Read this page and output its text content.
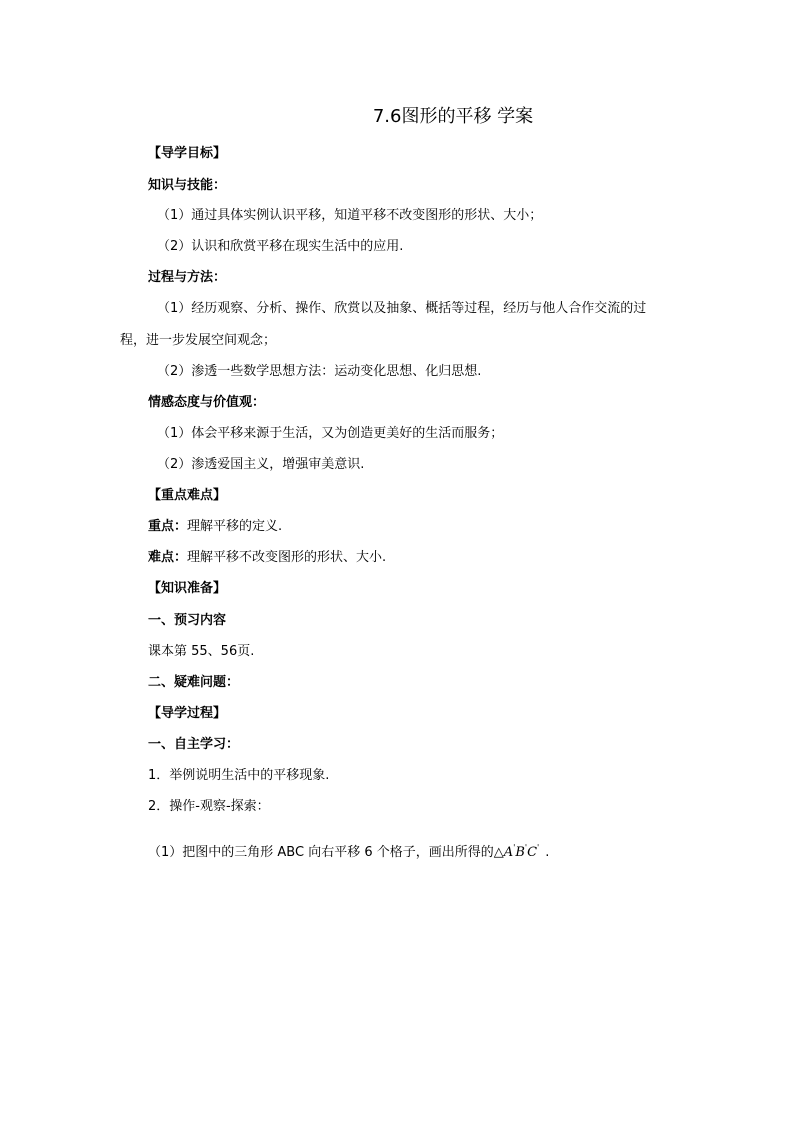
7.6图形的平移 学案
【导学目标】
知识与技能：
（1）通过具体实例认识平移，知道平移不改变图形的形状、大小；
（2）认识和欣赏平移在现实生活中的应用.
过程与方法：
（1）经历观察、分析、操作、欣赏以及抽象、概括等过程，经历与他人合作交流的过
程，进一步发展空间观念；
（2）渗透一些数学思想方法：运动变化思想、化归思想.
情感态度与价值观：
（1）体会平移来源于生活，又为创造更美好的生活而服务；
（2）渗透爱国主义，增强审美意识.
【重点难点】
重点：理解平移的定义.
难点：理解平移不改变图形的形状、大小.
【知识准备】
一、预习内容
课本第 55、56页.
二、疑难问题：
【导学过程】
一、自主学习：
1．举例说明生活中的平移现象.
2．操作-观察-探索：
（1）把图中的三角形 ABC 向右平移 6 个格子，画出所得的△A'B'C' .
